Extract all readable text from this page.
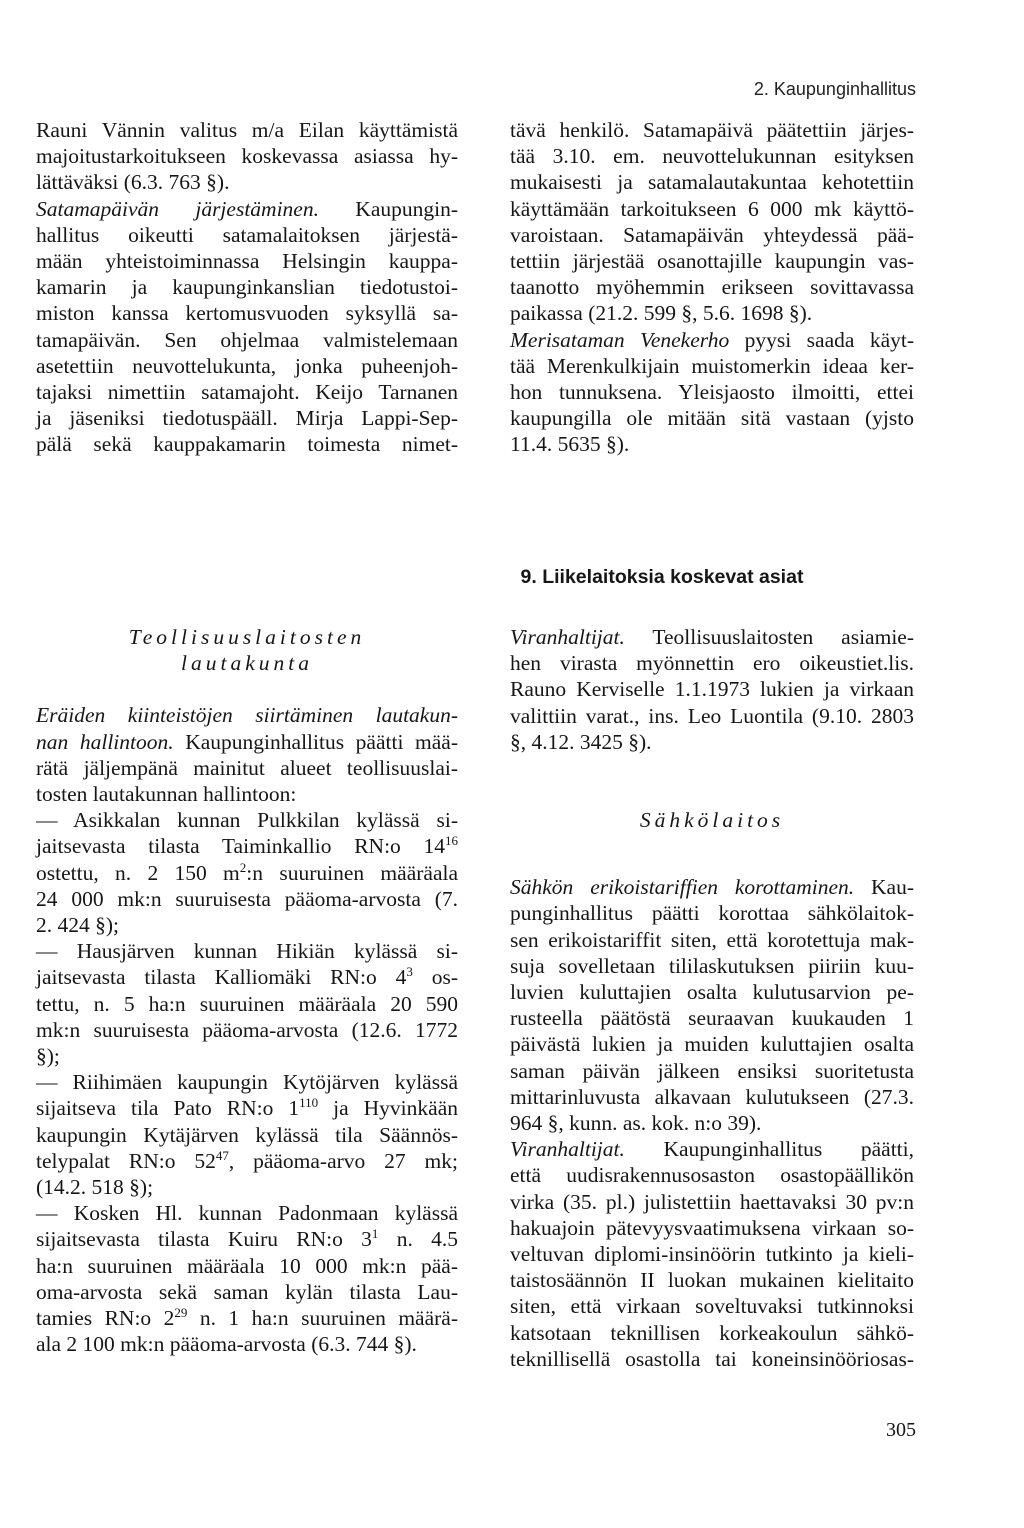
2. Kaupunginhallitus
Rauni Vännin valitus m/a Eilan käyttämistä
majoitustarkoitukseen koskevassa asiassa hy-
lättäväksi (6.3. 763 §).
Satamapäivän järjestäminen. Kaupungin-
hallitus oikeutti satamalaitoksen järjestä-
mään yhteistoiminnassa Helsingin kauppa-
kamarin ja kaupunginkanslian tiedotustoi-
miston kanssa kertomusvuoden syksyllä sa-
tamapäivän. Sen ohjelmaa valmistelemaan
asetettiin neuvottelukunta, jonka puheenjoh-
tajaksi nimettiin satamajoht. Keijo Tarnanen
ja jäseniksi tiedotuspääll. Mirja Lappi-Sep-
pälä sekä kauppakamarin toimesta nimet-
tävä henkilö. Satamapäivä päätettiin järjes-
tää 3.10. em. neuvottelukunnan esityksen
mukaisesti ja satamalautakuntaa kehotettiin
käyttämään tarkoitukseen 6 000 mk käyttö-
varoistaan. Satamapäivän yhteydessä pää-
tettiin järjestää osanottajille kaupungin vas-
taanotto myöhemmin erikseen sovittavassa
paikassa (21.2. 599 §, 5.6. 1698 §).
Merisataman Venekerho pyysi saada käyt-
tää Merenkulkijain muistomerkin ideaa ker-
hon tunnuksena. Yleisjaosto ilmoitti, ettei
kaupungilla ole mitään sitä vastaan (yjsto
11.4. 5635 §).
9. Liikelaitoksia koskevat asiat
Teollisuuslaitosten
lautakunta
Eräiden kiinteistöjen siirtäminen lautakun-
nan hallintoon. Kaupunginhallitus päätti mää-
rätä jäljempänä mainitut alueet teollisuuslai-
tosten lautakunnan hallintoon:
— Asikkalan kunnan Pulkkilan kylässä si-
jaitsevasta tilasta Taiminkallio RN:o $14^{16}$
ostettu, n. 2 150 $m^2:n$ suuruinen määräala
24 000 mk:n suuruisesta pääoma-arvosta (7.
2. 424 §);
— Hausjärven kunnan Hikiän kylässä si-
jaitsevasta tilasta Kalliomäki RN:o $4^3$ os-
tettu, n. 5 ha:n suuruinen määräala 20 590
mk:n suuruisesta pääoma-arvosta (12.6. 1772
§);
— Riihimäen kaupungin Kytöjärven kylässä
sijaitseva tila Pato RN:o $1^{110}$ ja Hyvinkään
kaupungin Kytäjärven kylässä tila Säännös-
telypalat RN:o $52^{47}$, pääoma-arvo 27 mk;
(14.2. 518 §);
— Kosken Hl. kunnan Padonmaan kylässä
sijaitsevasta tilasta Kuiru RN:o $3^1$ n. 4.5
ha:n suuruinen määräala 10 000 mk:n pää-
oma-arvosta sekä saman kylän tilasta Lau-
tamies RN:o $2^{29}$ n. 1 ha:n suuruinen määrä-
ala 2 100 mk:n pääoma-arvosta (6.3. 744 §).
Viranhaltijat. Teollisuuslaitosten asiamie-
hen virasta myönnettin ero oikeustiet.lis.
Rauno Kerviselle 1.1.1973 lukien ja virkaan
valittiin varat., ins. Leo Luontila (9.10. 2803
§, 4.12. 3425 §).
Sähkölaitos
Sähkön erikoistariffien korottaminen. Kau-
punginhallitus päätti korottaa sähkölaitok-
sen erikoistariffit siten, että korotettuja mak-
suja sovelletaan tililaskutuksen piiriin kuu-
luvien kuluttajien osalta kulutusarvion pe-
rusteella päätöstä seuraavan kuukauden 1
päivästä lukien ja muiden kuluttajien osalta
saman päivän jälkeen ensiksi suoritetusta
mittarinluvusta alkavaan kulutukseen (27.3.
964 §, kunn. as. kok. n:o 39).
Viranhaltijat. Kaupunginhallitus päätti,
että uudisrakennusosaston osastopäällikön
virka (35. pl.) julistettiin haettavaksi 30 pv:n
hakuajoin pätevyysvaatimuksena virkaan so-
veltuvan diplomi-insinöörin tutkinto ja kieli-
taistosäännön II luokan mukainen kielitaito
siten, että virkaan soveltuvaksi tutkinnoksi
katsotaan teknillisen korkeakoulun sähkö-
teknillisellä osastolla tai koneinsinööriosas-
305
